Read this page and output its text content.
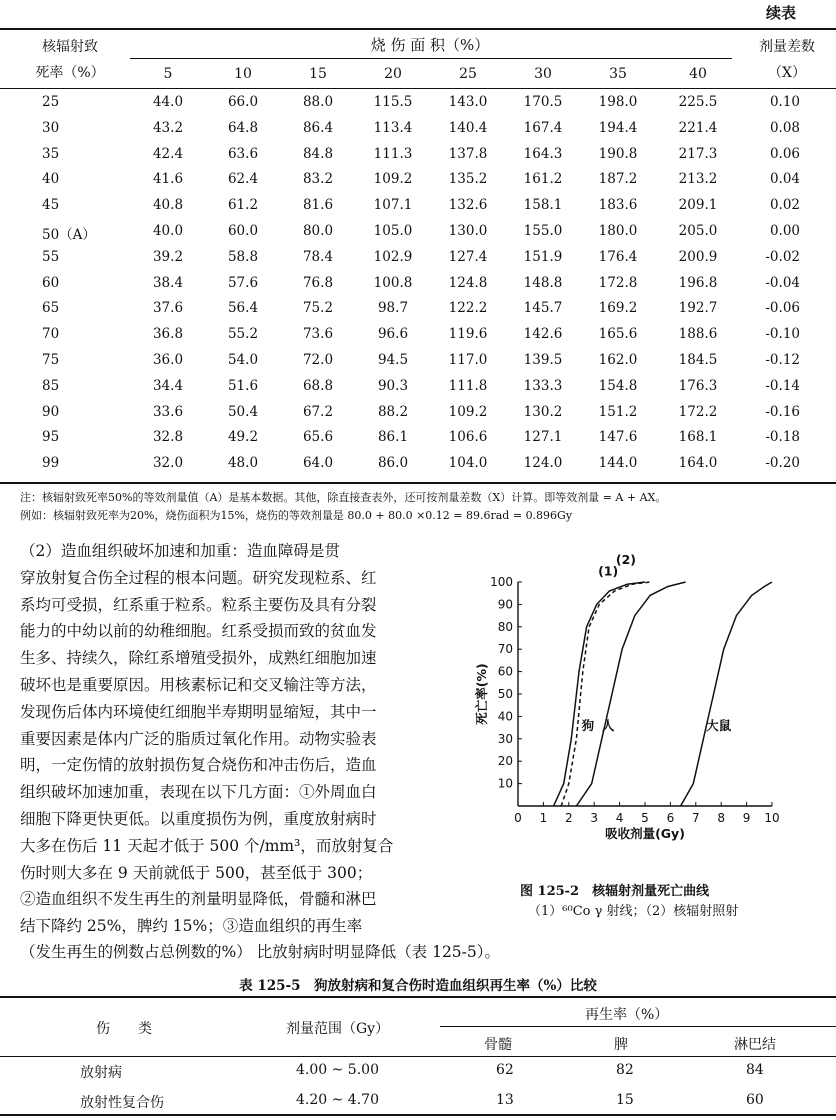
续表
核辐射致
死率（%）
烧 伤 面 积（%）	剂量差数
（X）
5	10	15	20	25	30	35	40
25	44.0	66.0	88.0	115.5	143.0	170.5	198.0	225.5	0.10
30	43.2	64.8	86.4	113.4	140.4	167.4	194.4	221.4	0.08
35	42.4	63.6	84.8	111.3	137.8	164.3	190.8	217.3	0.06
40	41.6	62.4	83.2	109.2	135.2	161.2	187.2	213.2	0.04
45	40.8	61.2	81.6	107.1	132.6	158.1	183.6	209.1	0.02
50（A）	40.0	60.0	80.0	105.0	130.0	155.0	180.0	205.0	0.00
55	39.2	58.8	78.4	102.9	127.4	151.9	176.4	200.9	-0.02
60	38.4	57.6	76.8	100.8	124.8	148.8	172.8	196.8	-0.04
65	37.6	56.4	75.2	98.7	122.2	145.7	169.2	192.7	-0.06
70	36.8	55.2	73.6	96.6	119.6	142.6	165.6	188.6	-0.10
75	36.0	54.0	72.0	94.5	117.0	139.5	162.0	184.5	-0.12
85	34.4	51.6	68.8	90.3	111.8	133.3	154.8	176.3	-0.14
90	33.6	50.4	67.2	88.2	109.2	130.2	151.2	172.2	-0.16
95	32.8	49.2	65.6	86.1	106.6	127.1	147.6	168.1	-0.18
99	32.0	48.0	64.0	86.0	104.0	124.0	144.0	164.0	-0.20
注：核辐射致死率50%的等效剂量值（A）是基本数据。其他，除直接查表外，还可按剂量差数（X）计算。即等效剂量 = A + AX。
例如：核辐射致死率为20%，烧伤面积为15%，烧伤的等效剂量是 80.0 + 80.0 ×0.12 = 89.6rad = 0.896Gy

（2）造血组织破坏加速和加重：造血障碍是贯

穿放射复合伤全过程的根本问题。研究发现粒系、红

系均可受损，红系重于粒系。粒系主要伤及具有分裂

能力的中幼以前的幼稚细胞。红系受损而致的贫血发

生多、持续久，除红系增殖受损外，成熟红细胞加速

破坏也是重要原因。用核素标记和交叉输注等方法，

发现伤后体内环境使红细胞半寿期明显缩短，其中一

重要因素是体内广泛的脂质过氧化作用。动物实验表

明，一定伤情的放射损伤复合烧伤和冲击伤后，造血

组织破坏加速加重，表现在以下几方面：①外周血白

细胞下降更快更低。以重度损伤为例，重度放射病时

大多在伤后 11 天起才低于 500 个/mm³，而放射复合

伤时则大多在 9 天前就低于 500，甚至低于 300；

②造血组织不发生再生的剂量明显降低，骨髓和淋巴

结下降约 25%，脾约 15%；③造血组织的再生率

（发生再生的例数占总例数的%） 比放射病时明显降低（表 125-5）。
0 1 2 3 4 5 6 7 8 9 10
10
20
30
40
50
60
70
80
90
100
吸收剂量(Gy)
死亡率(%)
(1)
(2)
狗 人	大鼠
图 125-2　核辐射剂量死亡曲线
（1）⁶⁰Co γ 射线；（2）核辐射照射
表 125-5　狗放射病和复合伤时造血组织再生率（%）比较
伤　　类	剂量范围（Gy）
再生率（%）
骨髓	脾	淋巴结
放射病	4.00 ~ 5.00	62	82	84
放射性复合伤	4.20 ~ 4.70	13	15	60
